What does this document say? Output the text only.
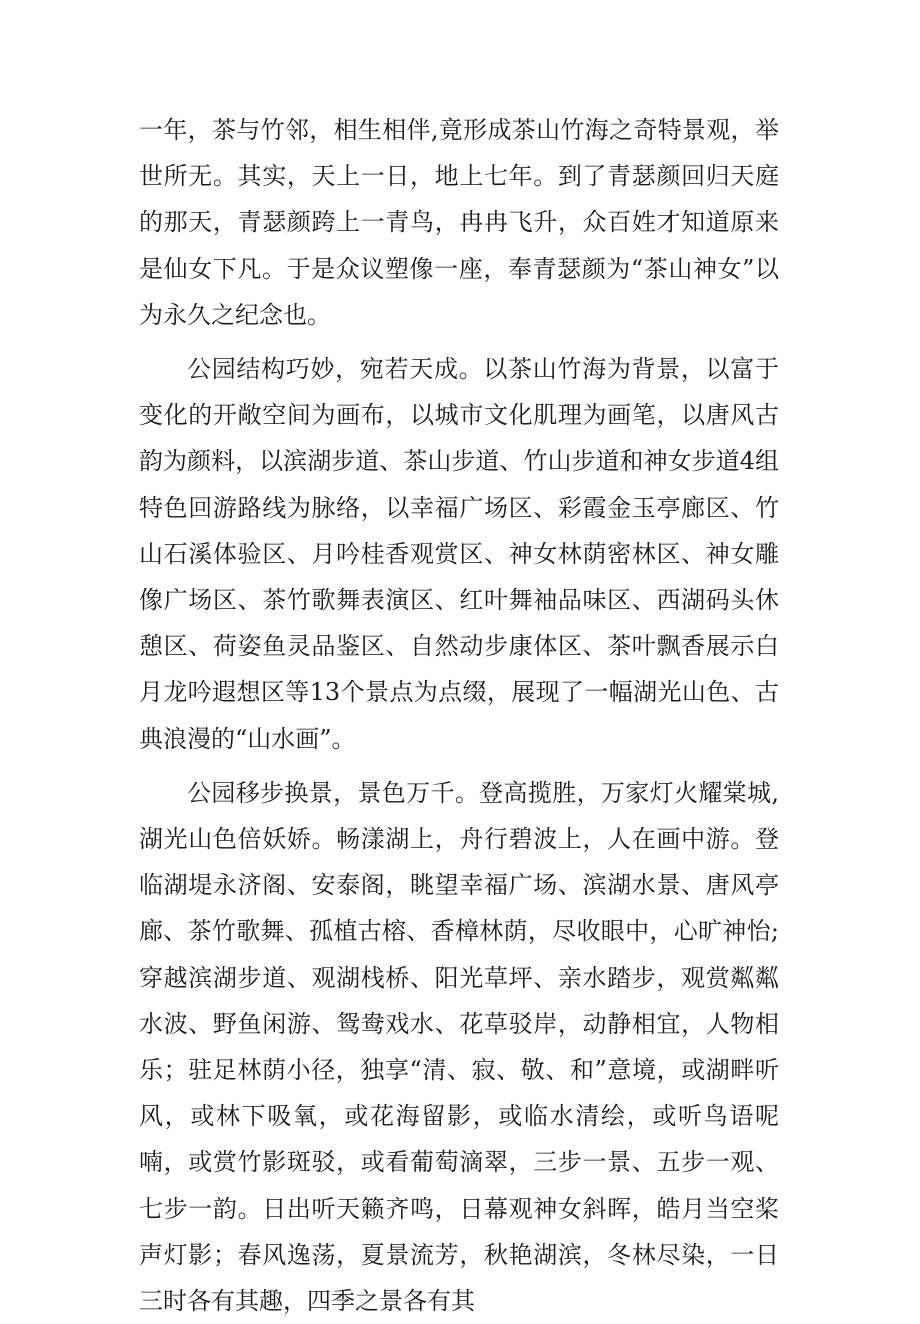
一年，茶与竹邻，相生相伴,竟形成茶山竹海之奇特景观，举世所无。其实，天上一日，地上七年。到了青瑟颜回归天庭的那天，青瑟颜跨上一青鸟，冉冉飞升，众百姓才知道原来是仙女下凡。于是众议塑像一座，奉青瑟颜为“茶山神女”以为永久之纪念也。

公园结构巧妙，宛若天成。以茶山竹海为背景，以富于变化的开敞空间为画布，以城市文化肌理为画笔，以唐风古韵为颜料，以滨湖步道、茶山步道、竹山步道和神女步道4组特色回游路线为脉络，以幸福广场区、彩霞金玉亭廊区、竹山石溪体验区、月吟桂香观赏区、神女林荫密林区、神女雕像广场区、茶竹歌舞表演区、红叶舞袖品味区、西湖码头休憩区、荷姿鱼灵品鉴区、自然动步康体区、茶叶飘香展示白月龙吟遐想区等13个景点为点缀，展现了一幅湖光山色、古典浪漫的“山水画”。

公园移步换景，景色万千。登高揽胜，万家灯火耀棠城,湖光山色倍妖娇。畅漾湖上，舟行碧波上，人在画中游。登临湖堤永济阁、安泰阁，眺望幸福广场、滨湖水景、唐风亭廊、茶竹歌舞、孤植古榕、香樟林荫，尽收眼中，心旷神怡;穿越滨湖步道、观湖栈桥、阳光草坪、亲水踏步，观赏粼粼水波、野鱼闲游、鸳鸯戏水、花草驳岸，动静相宜，人物相乐；驻足林荫小径，独享“清、寂、敬、和”意境，或湖畔听风，或林下吸氧，或花海留影，或临水清绘，或听鸟语呢喃，或赏竹影斑驳，或看葡萄滴翠，三步一景、五步一观、七步一韵。日出听天籁齐鸣，日幕观神女斜晖，皓月当空桨声灯影；春风逸荡，夏景流芳，秋艳湖滨，冬林尽染，一日三时各有其趣，四季之景各有其
